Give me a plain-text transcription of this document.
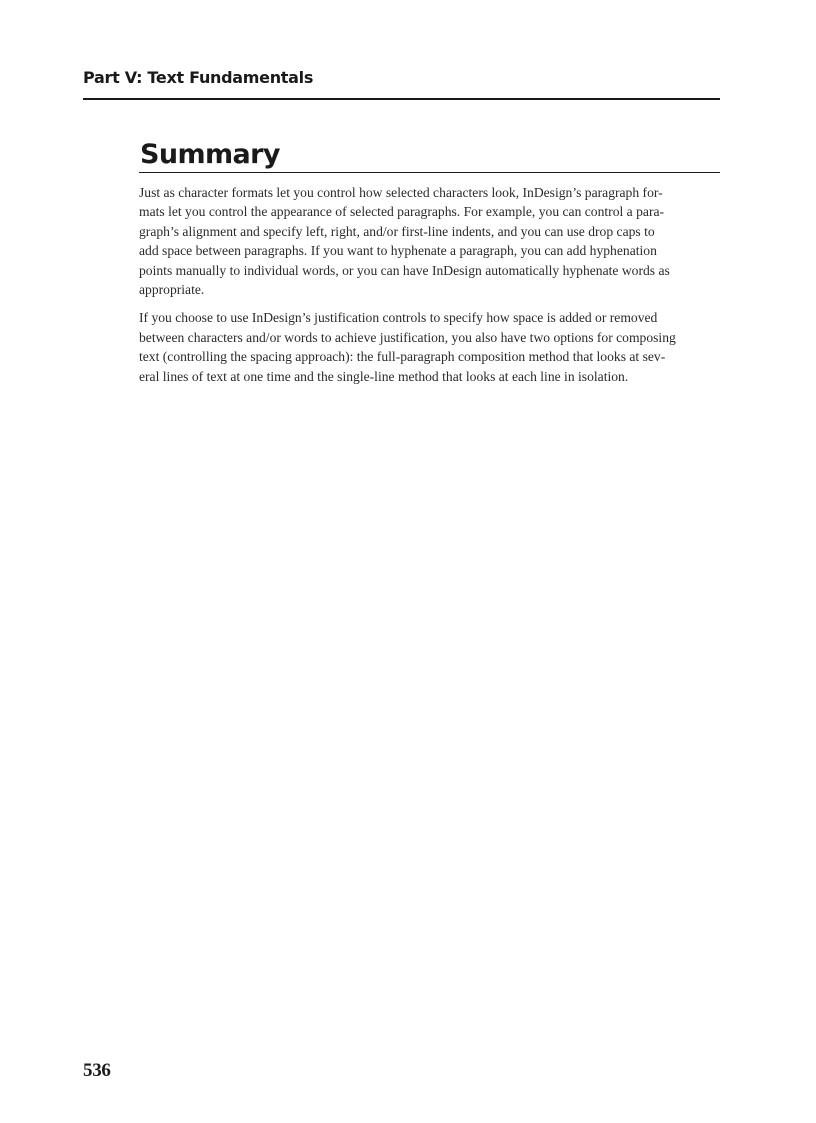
Part V: Text Fundamentals
Summary
Just as character formats let you control how selected characters look, InDesign’s paragraph for-
mats let you control the appearance of selected paragraphs. For example, you can control a para-
graph’s alignment and specify left, right, and/or first-line indents, and you can use drop caps to
add space between paragraphs. If you want to hyphenate a paragraph, you can add hyphenation
points manually to individual words, or you can have InDesign automatically hyphenate words as
appropriate.
If you choose to use InDesign’s justification controls to specify how space is added or removed
between characters and/or words to achieve justification, you also have two options for composing
text (controlling the spacing approach): the full-paragraph composition method that looks at sev-
eral lines of text at one time and the single-line method that looks at each line in isolation.
536
